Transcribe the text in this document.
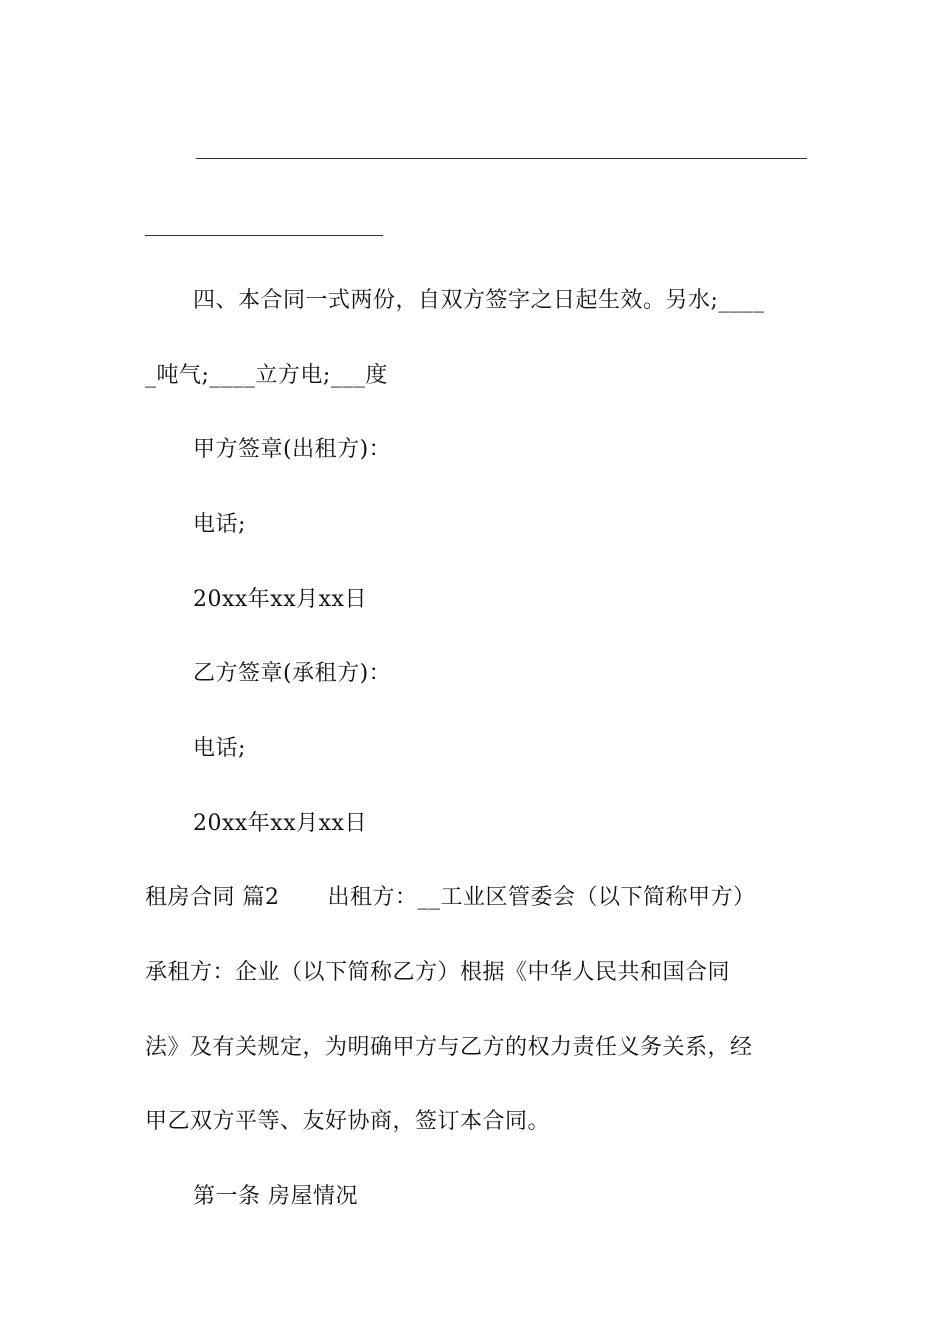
四、本合同一式两份，自双方签字之日起生效。另水;____
_吨气;____立方电;___度
甲方签章(出租方)：
电话;
20xx年xx月xx日
乙方签章(承租方)：
电话;
20xx年xx月xx日
租房合同 篇2 出租方：__工业区管委会（以下简称甲方）
承租方：企业（以下简称乙方）根据《中华人民共和国合同
法》及有关规定，为明确甲方与乙方的权力责任义务关系，经
甲乙双方平等、友好协商，签订本合同。
第一条 房屋情况
